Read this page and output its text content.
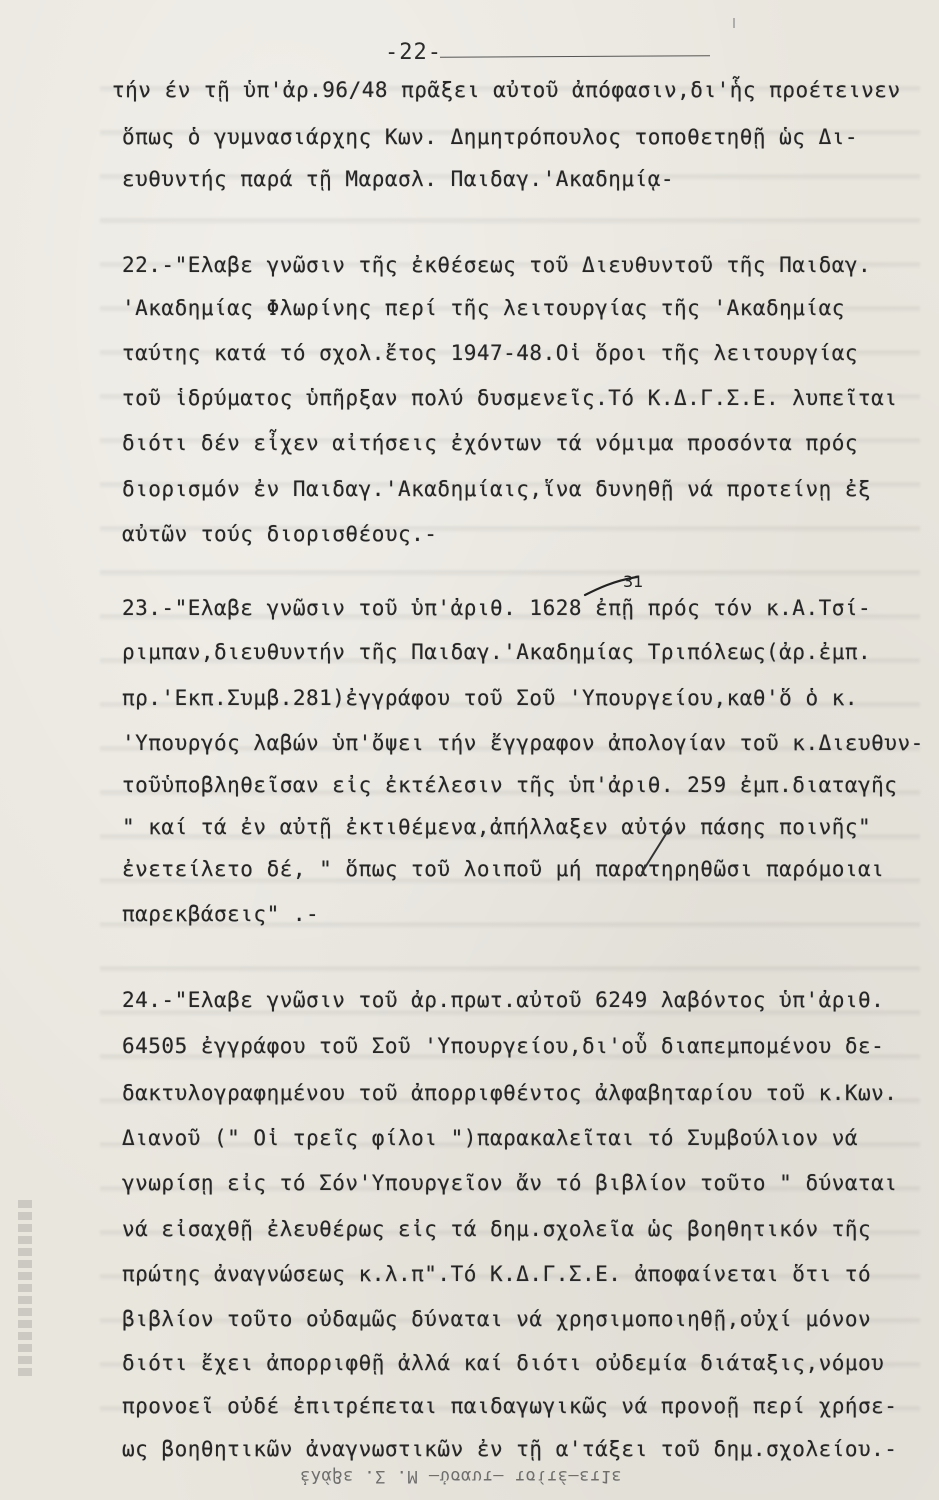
-22-
τήν έν τῇ ὑπ'ἀρ.96/48 πρᾶξει αὐτοῦ ἀπόφασιν,δι'ἧς προέτεινεν
ὅπως ὁ γυμνασιάρχης Κων. Δημητρόπουλος τοποθετηθῇ ὡς Δι-
ευθυντής παρά τῇ Μαρασλ. Παιδαγ.'Ακαδημίᾳ-
22.-"Ελαβε γνῶσιν τῆς ἐκθέσεως τοῦ Διευθυντοῦ τῆς Παιδαγ.
'Ακαδημίας Φλωρίνης περί τῆς λειτουργίας τῆς 'Ακαδημίας
ταύτης κατά τό σχολ.ἔτος 1947-48.Οἱ ὅροι τῆς λειτουργίας
τοῦ ἱδρύματος ὑπῆρξαν πολύ δυσμενεῖς.Τό Κ.Δ.Γ.Σ.Ε. λυπεῖται
διότι δέν εἶχεν αἰτήσεις ἐχόντων τά νόμιμα προσόντα πρός
διορισμόν ἐν Παιδαγ.'Ακαδημίαις,ἵνα δυνηθῇ νά προτείνῃ ἐξ
αὐτῶν τούς διορισθέους.-
23.-"Ελαβε γνῶσιν τοῦ ὑπ'ἀριθ. 1628 ἐπῇ πρός τόν κ.Α.Τσί-
ριμπαν,διευθυντήν τῆς Παιδαγ.'Ακαδημίας Τριπόλεως(ἀρ.ἐμπ.
πρ.'Εκπ.Συμβ.281)ἐγγράφου τοῦ Σοῦ 'Υπουργείου,καθ'ὅ ὁ κ.
'Υπουργός λαβών ὑπ'ὄψει τήν ἔγγραφον ἀπολογίαν τοῦ κ.Διευθυν-
τοῦὑποβληθεῖσαν εἰς ἐκτέλεσιν τῆς ὑπ'ἀριθ. 259 ἐμπ.διαταγῆς
" καί τά ἐν αὐτῇ ἐκτιθέμενα,ἀπήλλαξεν αὐτόν πάσης ποινῆς"
ἐνετείλετο δέ, " ὅπως τοῦ λοιποῦ μή παρατηρηθῶσι παρόμοιαι
παρεκβάσεις" .-
24.-"Ελαβε γνῶσιν τοῦ ἀρ.πρωτ.αὐτοῦ 6249 λαβόντος ὑπ'ἀριθ.
64505 ἐγγράφου τοῦ Σοῦ 'Υπουργείου,δι'οὗ διαπεμπομένου δε-
δακτυλογραφημένου τοῦ ἀπορριφθέντος ἀλφαβηταρίου τοῦ κ.Κων.
Διανοῦ (" Οἱ τρεῖς φίλοι ")παρακαλεῖται τό Συμβούλιον νά
γνωρίσῃ εἰς τό Σόν'Υπουργεῖον ἄν τό βιβλίον τοῦτο " δύναται
νά εἰσαχθῇ ἐλευθέρως εἰς τά δημ.σχολεῖα ὡς βοηθητικόν τῆς
πρώτης ἀναγνώσεως κ.λ.π".Τό Κ.Δ.Γ.Σ.Ε. ἀποφαίνεται ὅτι τό
βιβλίον τοῦτο οὐδαμῶς δύναται νά χρησιμοποιηθῇ,οὐχί μόνον
διότι ἔχει ἀπορριφθῇ ἀλλά καί διότι οὐδεμία διάταξις,νόμου
προνοεῖ οὐδέ ἐπιτρέπεται παιδαγωγικῶς νά προνοῇ περί χρήσε-
ως βοηθητικῶν ἀναγνωστικῶν ἐν τῇ α'τάξει τοῦ δημ.σχολείου.-
31
ἐλάβε .Σ .Μ —ὑσαυτ— τσίτέ—ετ1ε
